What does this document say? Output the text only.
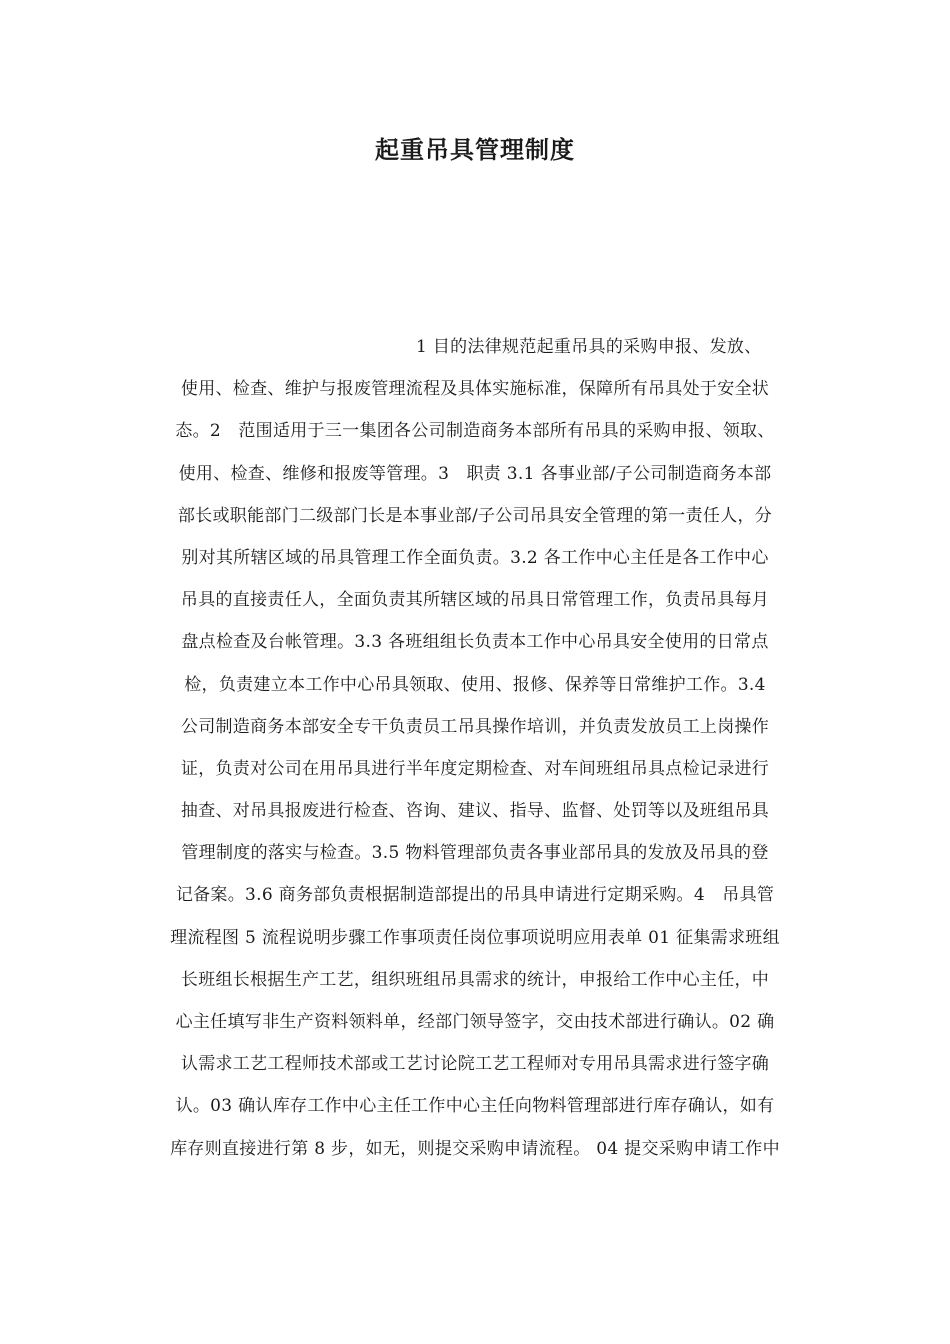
起重吊具管理制度
1 目的法律规范起重吊具的采购申报、发放、
使用、检查、维护与报废管理流程及具体实施标准，保障所有吊具处于安全状
态。2　范围适用于三一集团各公司制造商务本部所有吊具的采购申报、领取、
使用、检查、维修和报废等管理。3　职责 3.1 各事业部/子公司制造商务本部
部长或职能部门二级部门长是本事业部/子公司吊具安全管理的第一责任人，分
别对其所辖区域的吊具管理工作全面负责。3.2 各工作中心主任是各工作中心
吊具的直接责任人，全面负责其所辖区域的吊具日常管理工作，负责吊具每月
盘点检查及台帐管理。3.3 各班组组长负责本工作中心吊具安全使用的日常点
检，负责建立本工作中心吊具领取、使用、报修、保养等日常维护工作。3.4
公司制造商务本部安全专干负责员工吊具操作培训，并负责发放员工上岗操作
证，负责对公司在用吊具进行半年度定期检查、对车间班组吊具点检记录进行
抽查、对吊具报废进行检查、咨询、建议、指导、监督、处罚等以及班组吊具
管理制度的落实与检查。3.5 物料管理部负责各事业部吊具的发放及吊具的登
记备案。3.6 商务部负责根据制造部提出的吊具申请进行定期采购。4　吊具管
理流程图 5 流程说明步骤工作事项责任岗位事项说明应用表单 01 征集需求班组
长班组长根据生产工艺，组织班组吊具需求的统计，申报给工作中心主任，中
心主任填写非生产资料领料单，经部门领导签字，交由技术部进行确认。02 确
认需求工艺工程师技术部或工艺讨论院工艺工程师对专用吊具需求进行签字确
认。03 确认库存工作中心主任工作中心主任向物料管理部进行库存确认，如有
库存则直接进行第 8 步，如无，则提交采购申请流程。 04 提交采购申请工作中
